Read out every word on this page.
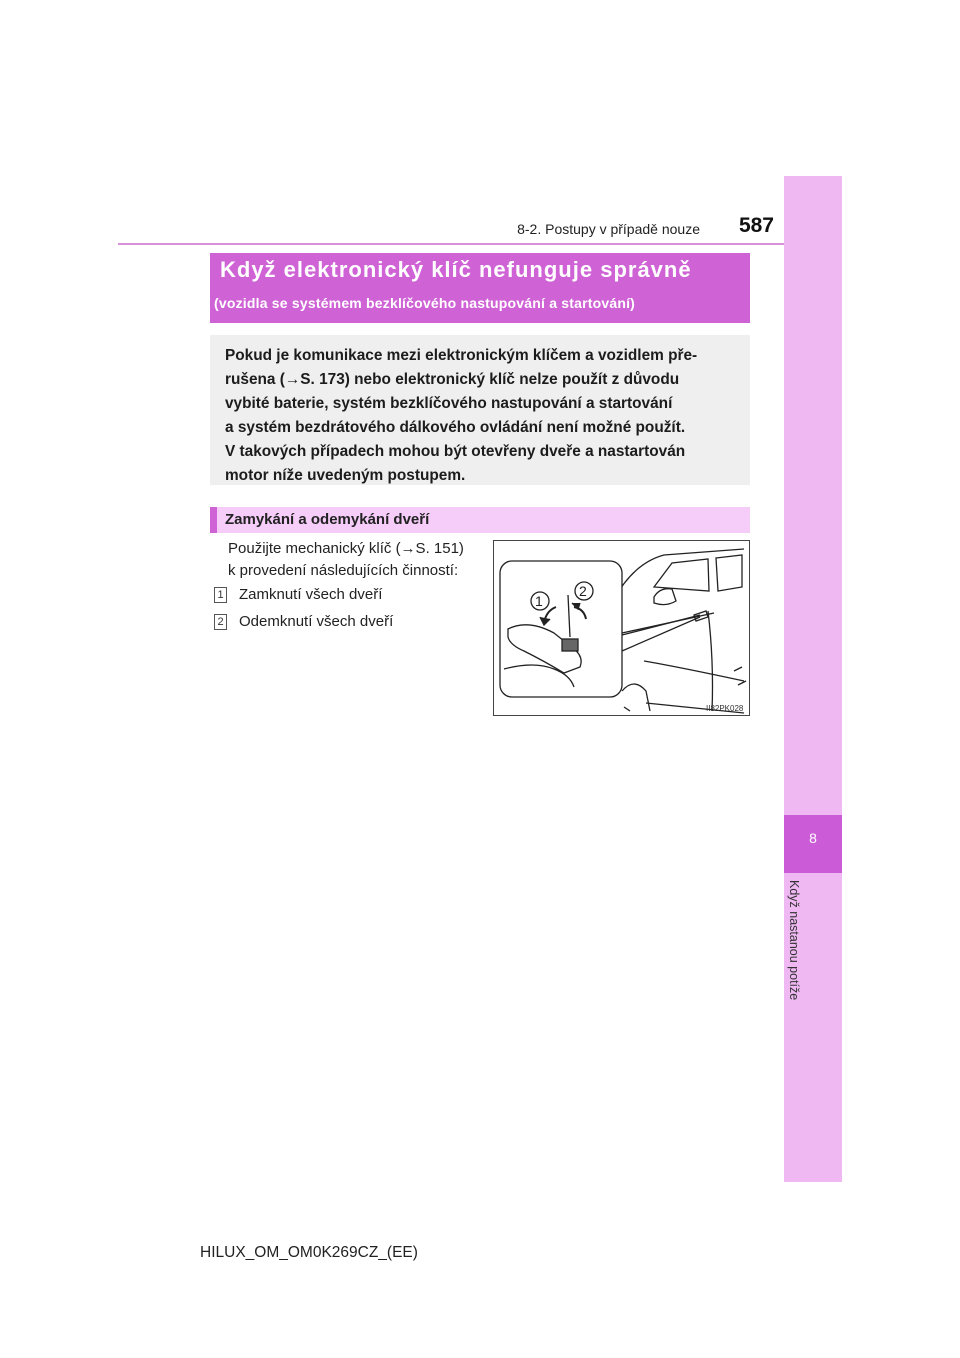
8-2. Postupy v případě nouze	587
8
Když nastanou potíže
Když elektronický klíč nefunguje správně
(vozidla se systémem bezklíčového nastupování a startování)
Pokud je komunikace mezi elektronickým klíčem a vozidlem pře-
rušena (→S. 173) nebo elektronický klíč nelze použít z důvodu
vybité baterie, systém bezklíčového nastupování a startování
a systém bezdrátového dálkového ovládání není možné použít.
V takových případech mohou být otevřeny dveře a nastartován
motor níže uvedeným postupem.
Zamykání a odemykání dveří
Použijte mechanický klíč (→S. 151)
k provedení následujících činností:
1 Zamknutí všech dveří
2 Odemknutí všech dveří
1
2
II82PK028
HILUX_OM_OM0K269CZ_(EE)
